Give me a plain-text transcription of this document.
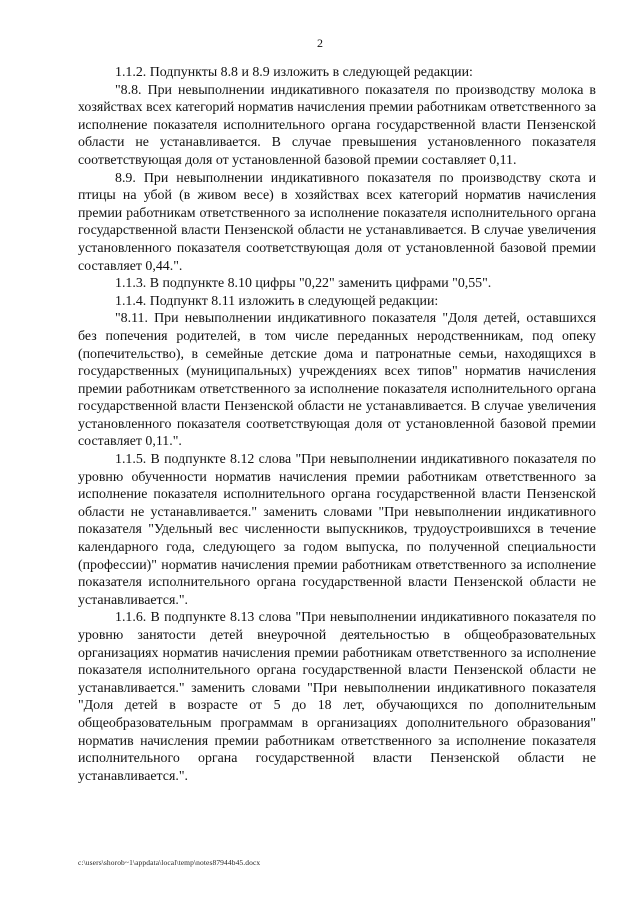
2

1.1.2. Подпункты 8.8 и 8.9 изложить в следующей редакции:

"8.8. При невыполнении индикативного показателя по производству молока в хозяйствах всех категорий норматив начисления премии работникам ответственного за исполнение показателя исполнительного органа государственной власти Пензенской области не устанавливается. В случае превышения установленного показателя соответствующая доля от установленной базовой премии составляет 0,11.

8.9. При невыполнении индикативного показателя по производству скота и птицы на убой (в живом весе) в хозяйствах всех категорий норматив начисления премии работникам ответственного за исполнение показателя исполнительного органа государственной власти Пензенской области не устанавливается. В случае увеличения установленного показателя соответствующая доля от установленной базовой премии составляет 0,44.".

1.1.3. В подпункте 8.10 цифры "0,22" заменить цифрами "0,55".

1.1.4. Подпункт 8.11 изложить в следующей редакции:

"8.11. При невыполнении индикативного показателя "Доля детей, оставшихся без попечения родителей, в том числе переданных неродственникам, под опеку (попечительство), в семейные детские дома и патронатные семьи, находящихся в государственных (муниципальных) учреждениях всех типов" норматив начисления премии работникам ответственного за исполнение показателя исполнительного органа государственной власти Пензенской области не устанавливается. В случае увеличения установленного показателя соответствующая доля от установленной базовой премии составляет 0,11.".

1.1.5. В подпункте 8.12 слова "При невыполнении индикативного показателя по уровню обученности норматив начисления премии работникам ответственного за исполнение показателя исполнительного органа государственной власти Пензенской области не устанавливается." заменить словами "При невыполнении индикативного показателя "Удельный вес численности выпускников, трудоустроившихся в течение календарного года, следующего за годом выпуска, по полученной специальности (профессии)" норматив начисления премии работникам ответственного за исполнение показателя исполнительного органа государственной власти Пензенской области не устанавливается.".

1.1.6. В подпункте 8.13 слова "При невыполнении индикативного показателя по уровню занятости детей внеурочной деятельностью в общеобразовательных организациях норматив начисления премии работникам ответственного за исполнение показателя исполнительного органа государственной власти Пензенской области не устанавливается." заменить словами "При невыполнении индикативного показателя "Доля детей в возрасте от 5 до 18 лет, обучающихся по дополнительным общеобразовательным программам в организациях дополнительного образования" норматив начисления премии работникам ответственного за исполнение показателя исполнительного органа государственной власти Пензенской области не устанавливается.".

c:\users\shorob~1\appdata\local\temp\notes87944b45.docx
